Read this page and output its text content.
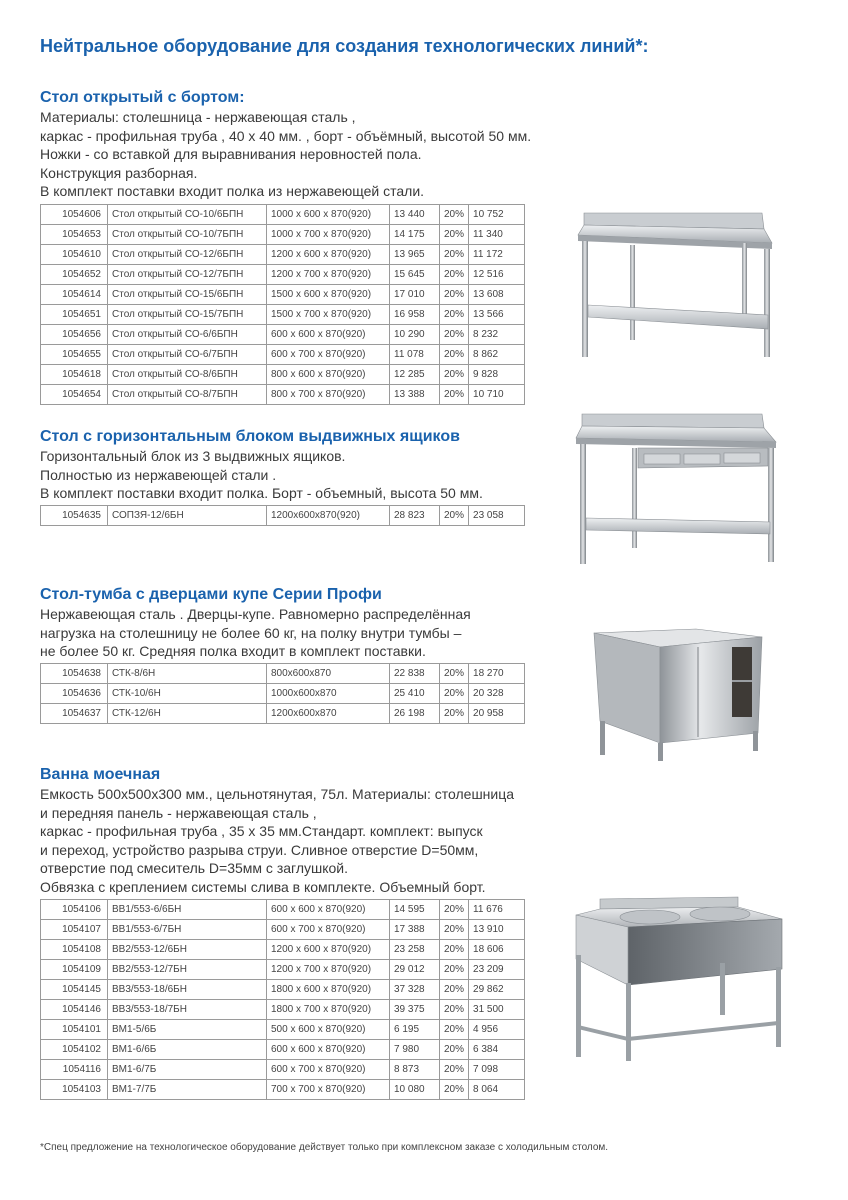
Нейтральное оборудование для создания технологических линий*:
Стол открытый с бортом:
Материалы: столешница - нержавеющая сталь ,
каркас - профильная труба , 40 х 40 мм. , борт - объёмный, высотой 50 мм.
Ножки - со вставкой для выравнивания неровностей пола.
Конструкция разборная.
В комплект поставки входит полка из нержавеющей стали.
1054606	Стол открытый СО-10/6БПН	1000 х 600 х 870(920)	13 440	20%	10 752
1054653	Стол открытый СО-10/7БПН	1000 х 700 х 870(920)	14 175	20%	11 340
1054610	Стол открытый СО-12/6БПН	1200 х 600 х 870(920)	13 965	20%	11 172
1054652	Стол открытый СО-12/7БПН	1200 х 700 х 870(920)	15 645	20%	12 516
1054614	Стол открытый СО-15/6БПН	1500 х 600 х 870(920)	17 010	20%	13 608
1054651	Стол открытый СО-15/7БПН	1500 х 700 х 870(920)	16 958	20%	13 566
1054656	Стол открытый СО-6/6БПН	600 х 600 х 870(920)	10 290	20%	8 232
1054655	Стол открытый СО-6/7БПН	600 х 700 х 870(920)	11 078	20%	8 862
1054618	Стол открытый СО-8/6БПН	800 х 600 х 870(920)	12 285	20%	9 828
1054654	Стол открытый СО-8/7БПН	800 х 700 х 870(920)	13 388	20%	10 710
Стол с горизонтальным блоком выдвижных ящиков
Горизонтальный блок из 3 выдвижных ящиков.
Полностью из нержавеющей стали .
В комплект поставки входит полка. Борт - объемный, высота 50 мм.
1054635	СОПЗЯ-12/6БН	1200х600х870(920)	28 823	20%	23 058
Стол-тумба с дверцами купе Серии Профи
Нержавеющая сталь . Дверцы-купе. Равномерно распределённая
нагрузка на столешницу не более 60 кг, на полку внутри тумбы –
не более 50 кг. Средняя полка входит в комплект поставки.
1054638	СТК-8/6Н	800х600х870	22 838	20%	18 270
1054636	СТК-10/6Н	1000х600х870	25 410	20%	20 328
1054637	СТК-12/6Н	1200х600х870	26 198	20%	20 958
Ванна моечная
Емкость 500х500х300 мм., цельнотянутая, 75л. Материалы: столешница
и передняя панель - нержавеющая сталь ,
каркас - профильная труба , 35 х 35 мм.Стандарт. комплект: выпуск
и переход, устройство разрыва струи. Сливное отверстие D=50мм,
отверстие под смеситель D=35мм с заглушкой.
Обвязка с креплением системы слива в комплекте. Объемный борт.
1054106	ВВ1/553-6/6БН	600 х 600 х 870(920)	14 595	20%	11 676
1054107	ВВ1/553-6/7БН	600 х 700 х 870(920)	17 388	20%	13 910
1054108	ВВ2/553-12/6БН	1200 х 600 х 870(920)	23 258	20%	18 606
1054109	ВВ2/553-12/7БН	1200 х 700 х 870(920)	29 012	20%	23 209
1054145	ВВ3/553-18/6БН	1800 х 600 х 870(920)	37 328	20%	29 862
1054146	ВВ3/553-18/7БН	1800 х 700 х 870(920)	39 375	20%	31 500
1054101	ВМ1-5/6Б	500 х 600 х 870(920)	6 195	20%	4 956
1054102	ВМ1-6/6Б	600 х 600 х 870(920)	7 980	20%	6 384
1054116	ВМ1-6/7Б	600 х 700 х 870(920)	8 873	20%	7 098
1054103	ВМ1-7/7Б	700 х 700 х 870(920)	10 080	20%	8 064
*Спец предложение на технологическое оборудование действует только при комплексном заказе с холодильным столом.
